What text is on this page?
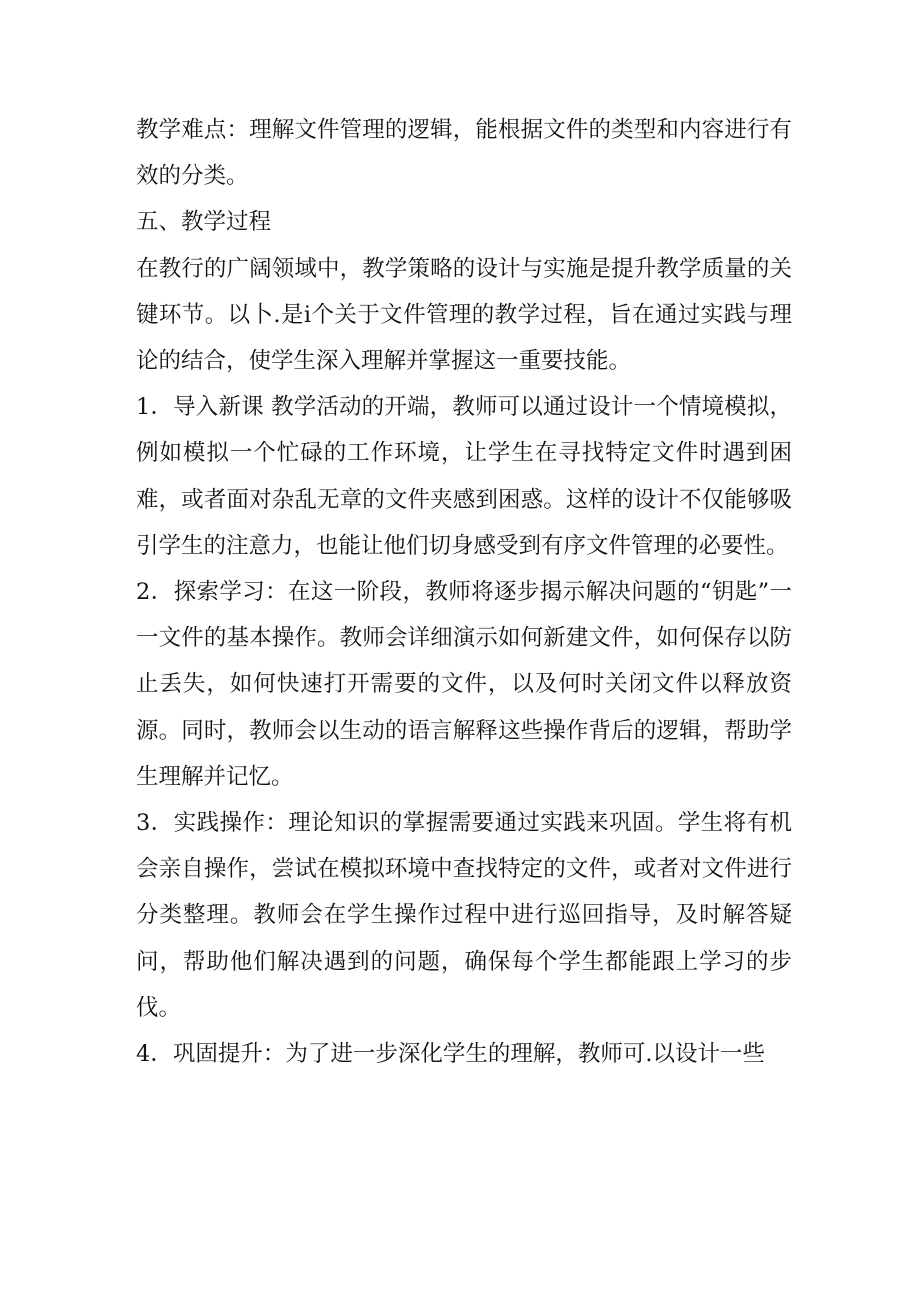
教学难点：理解文件管理的逻辑，能根据文件的类型和内容进行有效的分类。

五、教学过程

在教行的广阔领域中，教学策略的设计与实施是提升教学质量的关键环节。以卜.是i个关于文件管理的教学过程，旨在通过实践与理论的结合，使学生深入理解并掌握这一重要技能。

1．导入新课 教学活动的开端，教师可以通过设计一个情境模拟，例如模拟一个忙碌的工作环境，让学生在寻找特定文件时遇到困难，或者面对杂乱无章的文件夹感到困惑。这样的设计不仅能够吸引学生的注意力，也能让他们切身感受到有序文件管理的必要性。

2．探索学习：在这一阶段，教师将逐步揭示解决问题的“钥匙”一一文件的基本操作。教师会详细演示如何新建文件，如何保存以防止丢失，如何快速打开需要的文件，以及何时关闭文件以释放资源。同时，教师会以生动的语言解释这些操作背后的逻辑，帮助学生理解并记忆。

3．实践操作：理论知识的掌握需要通过实践来巩固。学生将有机会亲自操作，尝试在模拟环境中查找特定的文件，或者对文件进行分类整理。教师会在学生操作过程中进行巡回指导，及时解答疑问，帮助他们解决遇到的问题，确保每个学生都能跟上学习的步伐。

4．巩固提升：为了进一步深化学生的理解，教师可.以设计一些
